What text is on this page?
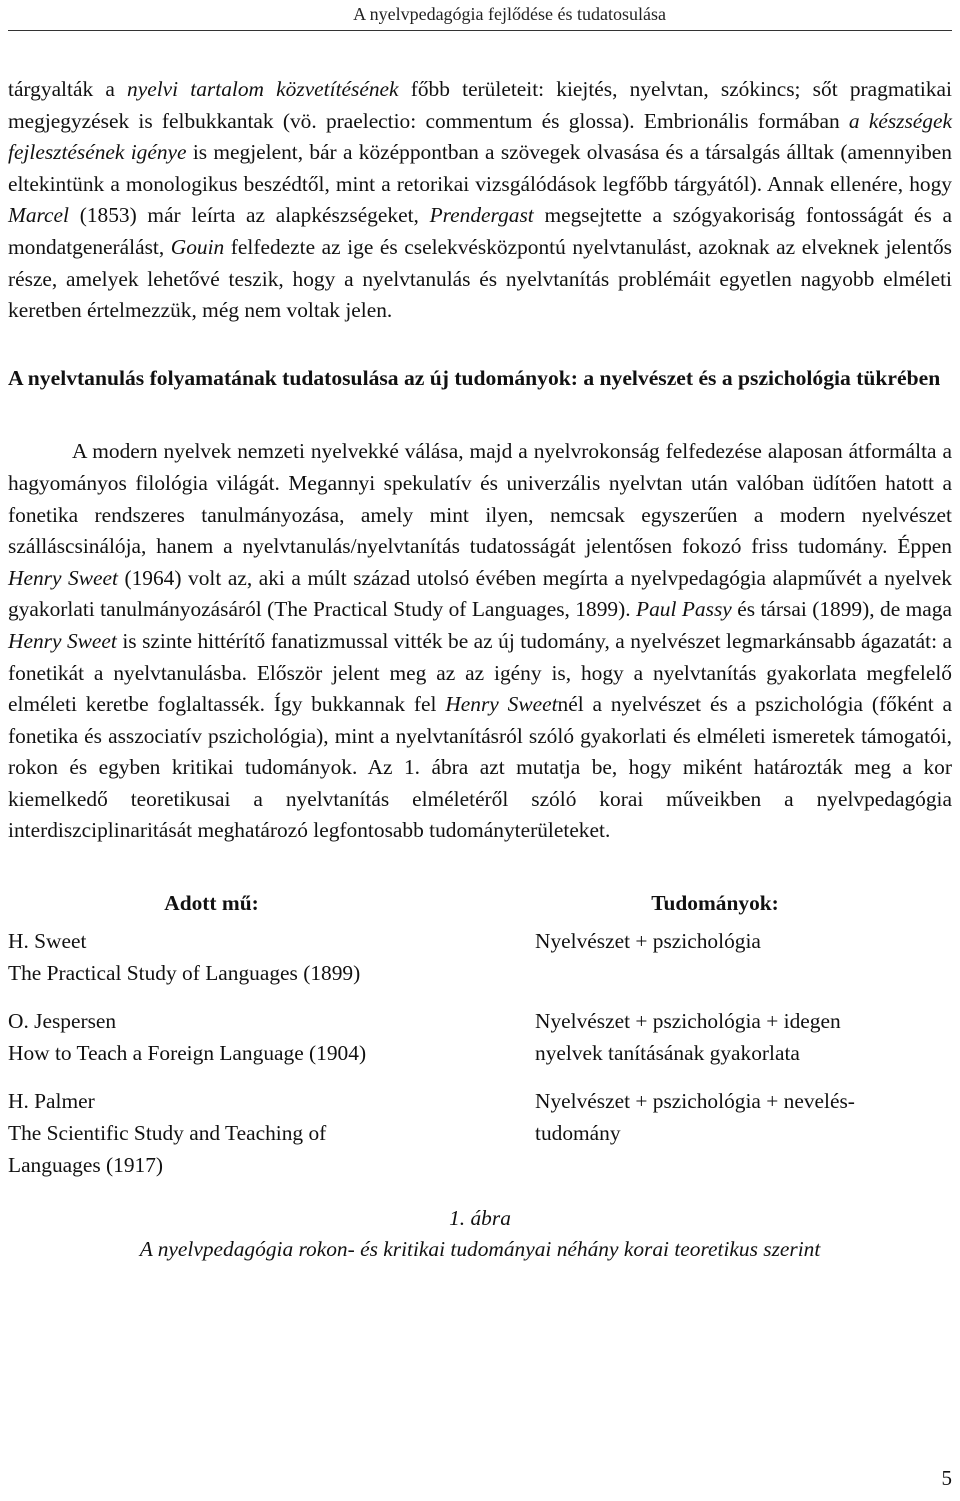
A nyelvpedagógia fejlődése és tudatosulása

tárgyalták a nyelvi tartalom közvetítésének főbb területeit: kiejtés, nyelvtan, szókincs; sőt pragmatikai megjegyzések is felbukkantak (vö. praelectio: commentum és glossa). Embrionális formában a készségek fejlesztésének igénye is megjelent, bár a középpontban a szövegek olvasása és a társalgás álltak (amennyiben eltekintünk a monologikus beszédtől, mint a retorikai vizsgálódások legfőbb tárgyától). Annak ellenére, hogy Marcel (1853) már leírta az alapkészségeket, Prendergast megsejtette a szógyakoriság fontosságát és a mondatgenerálást, Gouin felfedezte az ige és cselekvésközpontú nyelvtanulást, azoknak az elveknek jelentős része, amelyek lehetővé teszik, hogy a nyelvtanulás és nyelvtanítás problémáit egyetlen nagyobb elméleti keretben értelmezzük, még nem voltak jelen.

A nyelvtanulás folyamatának tudatosulása az új tudományok: a nyelvészet és a pszichológia tükrében

A modern nyelvek nemzeti nyelvekké válása, majd a nyelvrokonság felfedezése alaposan átformálta a hagyományos filológia világát. Megannyi spekulatív és univerzális nyelvtan után valóban üdítően hatott a fonetika rendszeres tanulmányozása, amely mint ilyen, nemcsak egyszerűen a modern nyelvészet szálláscsinálója, hanem a nyelvtanulás/nyelvtanítás tudatosságát jelentősen fokozó friss tudomány. Éppen Henry Sweet (1964) volt az, aki a múlt század utolsó évében megírta a nyelvpedagógia alapművét a nyelvek gyakorlati tanulmányozásáról (The Practical Study of Languages, 1899). Paul Passy és társai (1899), de maga Henry Sweet is szinte hittérítő fanatizmussal vitték be az új tudomány, a nyelvészet legmarkánsabb ágazatát: a fonetikát a nyelvtanulásba. Először jelent meg az az igény is, hogy a nyelvtanítás gyakorlata megfelelő elméleti keretbe foglaltassék. Így bukkannak fel Henry Sweetnél a nyelvészet és a pszichológia (főként a fonetika és asszociatív pszichológia), mint a nyelvtanításról szóló gyakorlati és elméleti ismeretek támogatói, rokon és egyben kritikai tudományok. Az 1. ábra azt mutatja be, hogy miként határozták meg a kor kiemelkedő teoretikusai a nyelvtanítás elméletéről szóló korai műveikben a nyelvpedagógia interdiszciplinaritását meghatározó legfontosabb tudományterületeket.

Adott mű:	Tudományok:
H. Sweet
The Practical Study of Languages (1899)
Nyelvészet + pszichológia
O. Jespersen
How to Teach a Foreign Language (1904)
Nyelvészet + pszichológia + idegen
nyelvek tanításának gyakorlata
H. Palmer
The Scientific Study and Teaching of
Languages (1917)
Nyelvészet + pszichológia + nevelés-
tudomány
1. ábra
A nyelvpedagógia rokon- és kritikai tudományai néhány korai teoretikus szerint
5
